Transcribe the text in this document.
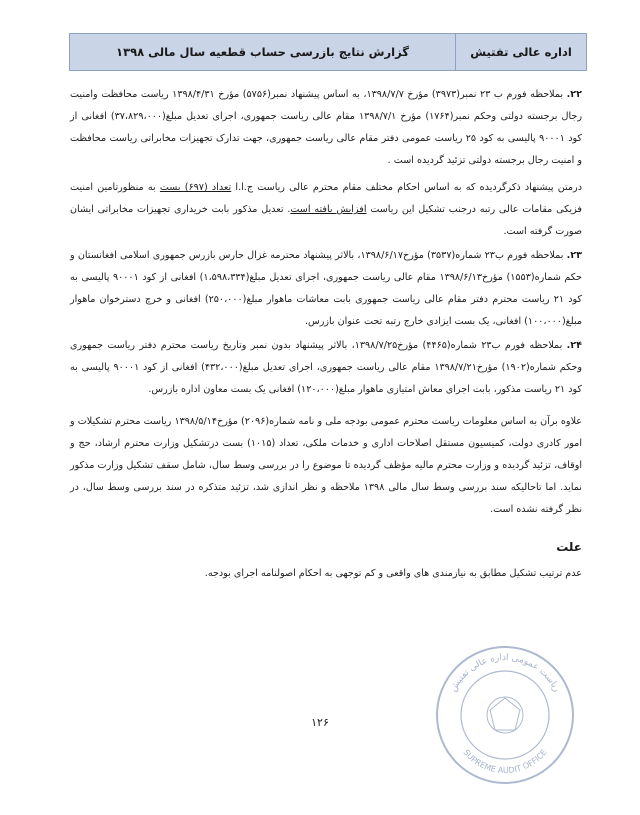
اداره عالی تفتیش
گزارش نتایج بازرسی حساب قطعیه سال مالی ۱۳۹۸

۲۲. بملاحظه فورم ب ۲۳ نمبر(۳۹۷۳) مؤرخ ۱۳۹۸/۷/۷، به اساس پیشنهاد نمبر(۵۷۵۶) مؤرخ ۱۳۹۸/۴/۳۱ ریاست محافظت وامنیت رجال برجسته دولتی وحکم نمبر(۱۷۶۴) مؤرخ ۱۳۹۸/۷/۱ مقام عالی ریاست جمهوری، اجرای تعدیل مبلغ(۳۷،۸۲۹،۰۰۰) افغانی از کود ۹۰۰۰۱ پالیسی به کود ۲۵ ریاست عمومی دفتر مقام عالی ریاست جمهوری، جهت تدارک تجهیزات مخابراتی ریاست محافظت و امنیت رجال برجسته دولتی تزئید گردیده است .

درمتن پیشنهاد ذکرگردیده که به اساس احکام مختلف مقام محترم عالی ریاست ج.ا.ا تعداد (۶۹۷) بست به منظورتامین امنیت فزیکی مقامات عالی رتبه درجنب تشکیل این ریاست افزایش یافته است. تعدیل مذکور بابت خریداری تجهیزات مخابراتی ایشان صورت گرفته است.

۲۳. بملاحظه فورم ب۲۳ شماره(۳۵۳۷) مؤرخ۱۳۹۸/۶/۱۷، بالاثر پیشنهاد محترمه غزال حارس بازرس جمهوری اسلامی افغانستان و حکم شماره(۱۵۵۳) مؤرخ۱۳۹۸/۶/۱۳ مقام عالی ریاست جمهوری، اجرای تعدیل مبلغ(۱،۵۹۸،۳۳۴) افغانی از کود ۹۰۰۰۱ پالیسی به کود ۲۱ ریاست محترم دفتر مقام عالی ریاست جمهوری بابت معاشات ماهوار مبلغ(۲۵۰،۰۰۰) افغانی و خرچ دسترخوان ماهوار مبلغ(۱۰۰،۰۰۰) افغانی، یک بست ایزادی خارج رتبه تحت عنوان بازرس.

۲۴. بملاحظه فورم ب۲۳ شماره(۴۴۶۵) مؤرخ۱۳۹۸/۷/۲۵، بالاثر پیشنهاد بدون نمبر وتاریخ ریاست محترم دفتر ریاست جمهوری وحکم شماره(۱۹۰۲) مؤرخ۱۳۹۸/۷/۲۱ مقام عالی ریاست جمهوری، اجرای تعدیل مبلغ(۴۳۲،۰۰۰) افغانی از کود ۹۰۰۰۱ پالیسی به کود ۲۱ ریاست مذکور، بابت اجرای معاش امتیازی ماهوار مبلغ(۱۲۰،۰۰۰) افغانی یک بست معاون اداره بازرس.

علاوه برآن به اساس معلومات ریاست محترم عمومی بودجه ملی و نامه شماره(۲۰۹۶) مؤرخ۱۳۹۸/۵/۱۴ ریاست محترم تشکیلات و امور کادری دولت، کمیسیون مستقل اصلاحات اداری و خدمات ملکی، تعداد (۱۰۱۵) بست درتشکیل وزارت محترم ارشاد، حج و اوقاف، تزئید گردیده و وزارت محترم مالیه مؤظف گردیده تا موضوع را در بررسی وسط سال، شامل سقف تشکیل وزارت مذکور نماید. اما تاحالیکه سند بررسی وسط سال مالی ۱۳۹۸ ملاحظه و نظر اندازی شد، تزئید متذکره در سند بررسی وسط سال، در نظر گرفته نشده است.

علت

عدم ترتیب تشکیل مطابق به نیازمندی های واقعی و کم توجهی به احکام اصولنامه اجرای بودجه.

ریاست عمومی اداره عالی تفتیش
SUPREME AUDIT OFFICE
۱۲۶
